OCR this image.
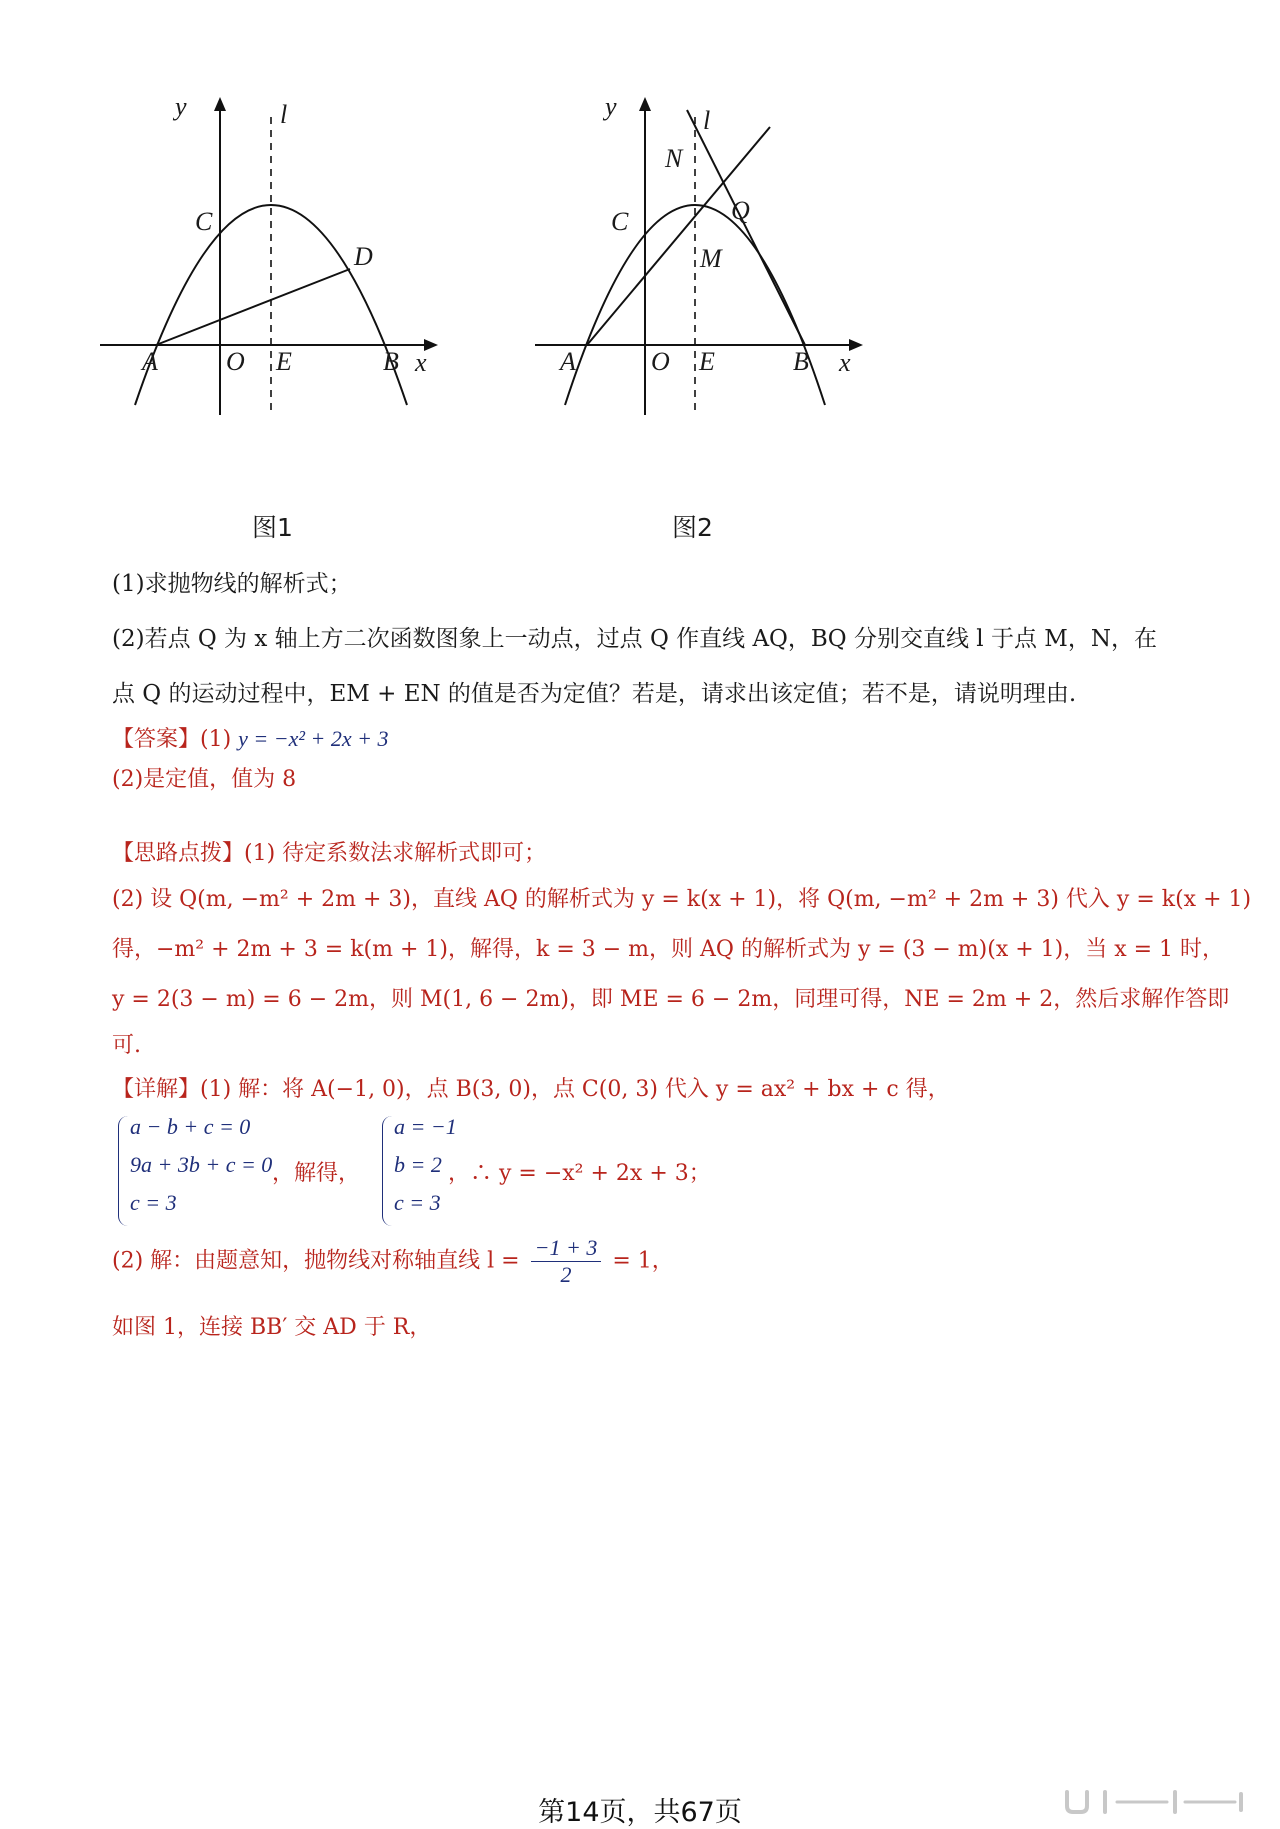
y	l
C
D
A	O E	B x
图1
y	l
N
Q
C
M
A	O E	B x
图2
(1)求抛物线的解析式；
(2)若点 Q 为 x 轴上方二次函数图象上一动点，过点 Q 作直线 AQ，BQ 分别交直线 l 于点 M，N，在
点 Q 的运动过程中，EM + EN 的值是否为定值？若是，请求出该定值；若不是，请说明理由.
【答案】(1) y = −x² + 2x + 3
(2)是定值，值为 8
【思路点拨】(1) 待定系数法求解析式即可；
(2) 设 Q(m, −m² + 2m + 3)，直线 AQ 的解析式为 y = k(x + 1)，将 Q(m, −m² + 2m + 3) 代入 y = k(x + 1)
得，−m² + 2m + 3 = k(m + 1)，解得，k = 3 − m，则 AQ 的解析式为 y = (3 − m)(x + 1)，当 x = 1 时，
y = 2(3 − m) = 6 − 2m，则 M(1, 6 − 2m)，即 ME = 6 − 2m，同理可得，NE = 2m + 2，然后求解作答即
可.
【详解】(1) 解：将 A(−1, 0)，点 B(3, 0)，点 C(0, 3) 代入 y = ax² + bx + c 得，
a − b + c = 0
9a + 3b + c = 0
c = 3
，解得，
a = −1
b = 2
c = 3
，∴ y = −x² + 2x + 3；
(2) 解：由题意知，抛物线对称轴直线 $l = \frac{-1 + 3}{2} = 1$，
如图 1，连接 BB′ 交 AD 于 R，
第14页，共67页
